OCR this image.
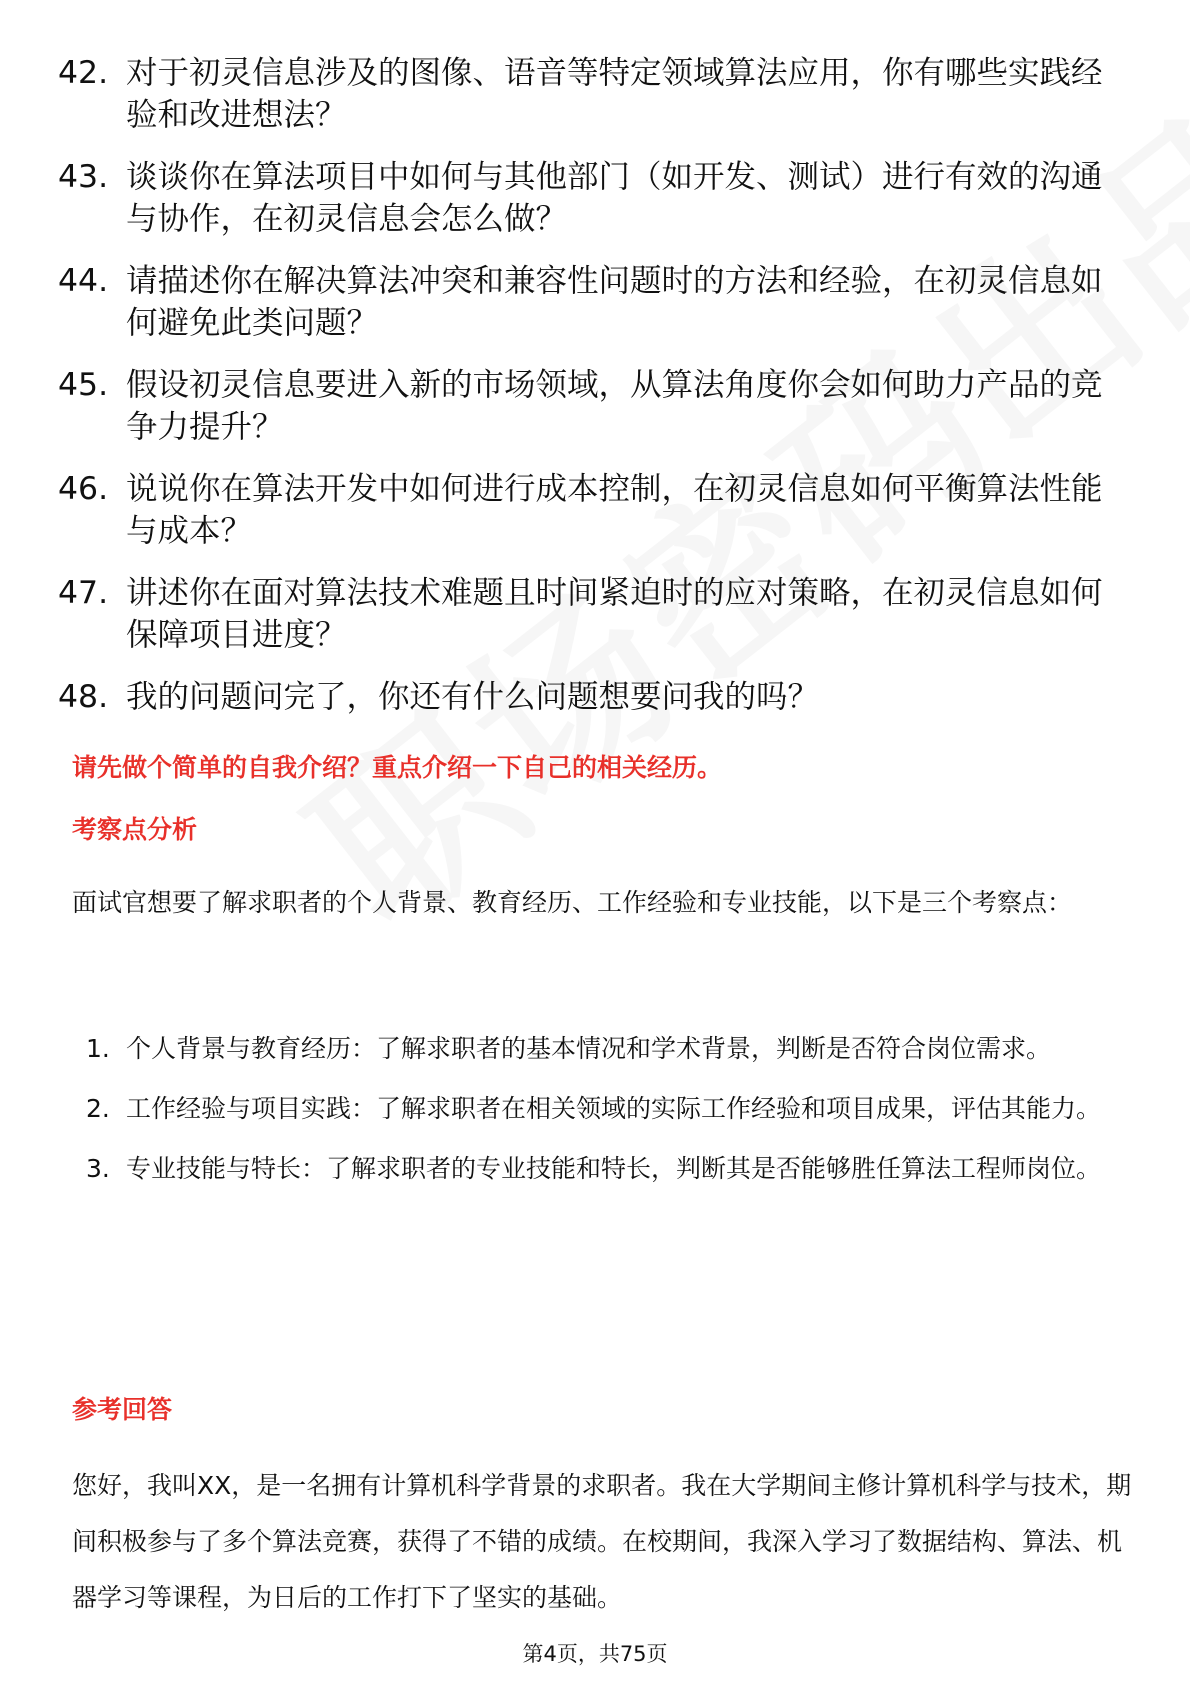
42. 对于初灵信息涉及的图像、语音等特定领域算法应用，你有哪些实践经验和改进想法？
43. 谈谈你在算法项目中如何与其他部门（如开发、测试）进行有效的沟通与协作，在初灵信息会怎么做？
44. 请描述你在解决算法冲突和兼容性问题时的方法和经验，在初灵信息如何避免此类问题？
45. 假设初灵信息要进入新的市场领域，从算法角度你会如何助力产品的竞争力提升？
46. 说说你在算法开发中如何进行成本控制，在初灵信息如何平衡算法性能与成本？
47. 讲述你在面对算法技术难题且时间紧迫时的应对策略，在初灵信息如何保障项目进度？
48. 我的问题问完了，你还有什么问题想要问我的吗？
请先做个简单的自我介绍？重点介绍一下自己的相关经历。
考察点分析
面试官想要了解求职者的个人背景、教育经历、工作经验和专业技能，以下是三个考察点：
1. 个人背景与教育经历：了解求职者的基本情况和学术背景，判断是否符合岗位需求。
2. 工作经验与项目实践：了解求职者在相关领域的实际工作经验和项目成果，评估其能力。
3. 专业技能与特长：了解求职者的专业技能和特长，判断其是否能够胜任算法工程师岗位。
参考回答
您好，我叫XX，是一名拥有计算机科学背景的求职者。我在大学期间主修计算机科学与技术，期间积极参与了多个算法竞赛，获得了不错的成绩。在校期间，我深入学习了数据结构、算法、机器学习等课程，为日后的工作打下了坚实的基础。
第4页，共75页
